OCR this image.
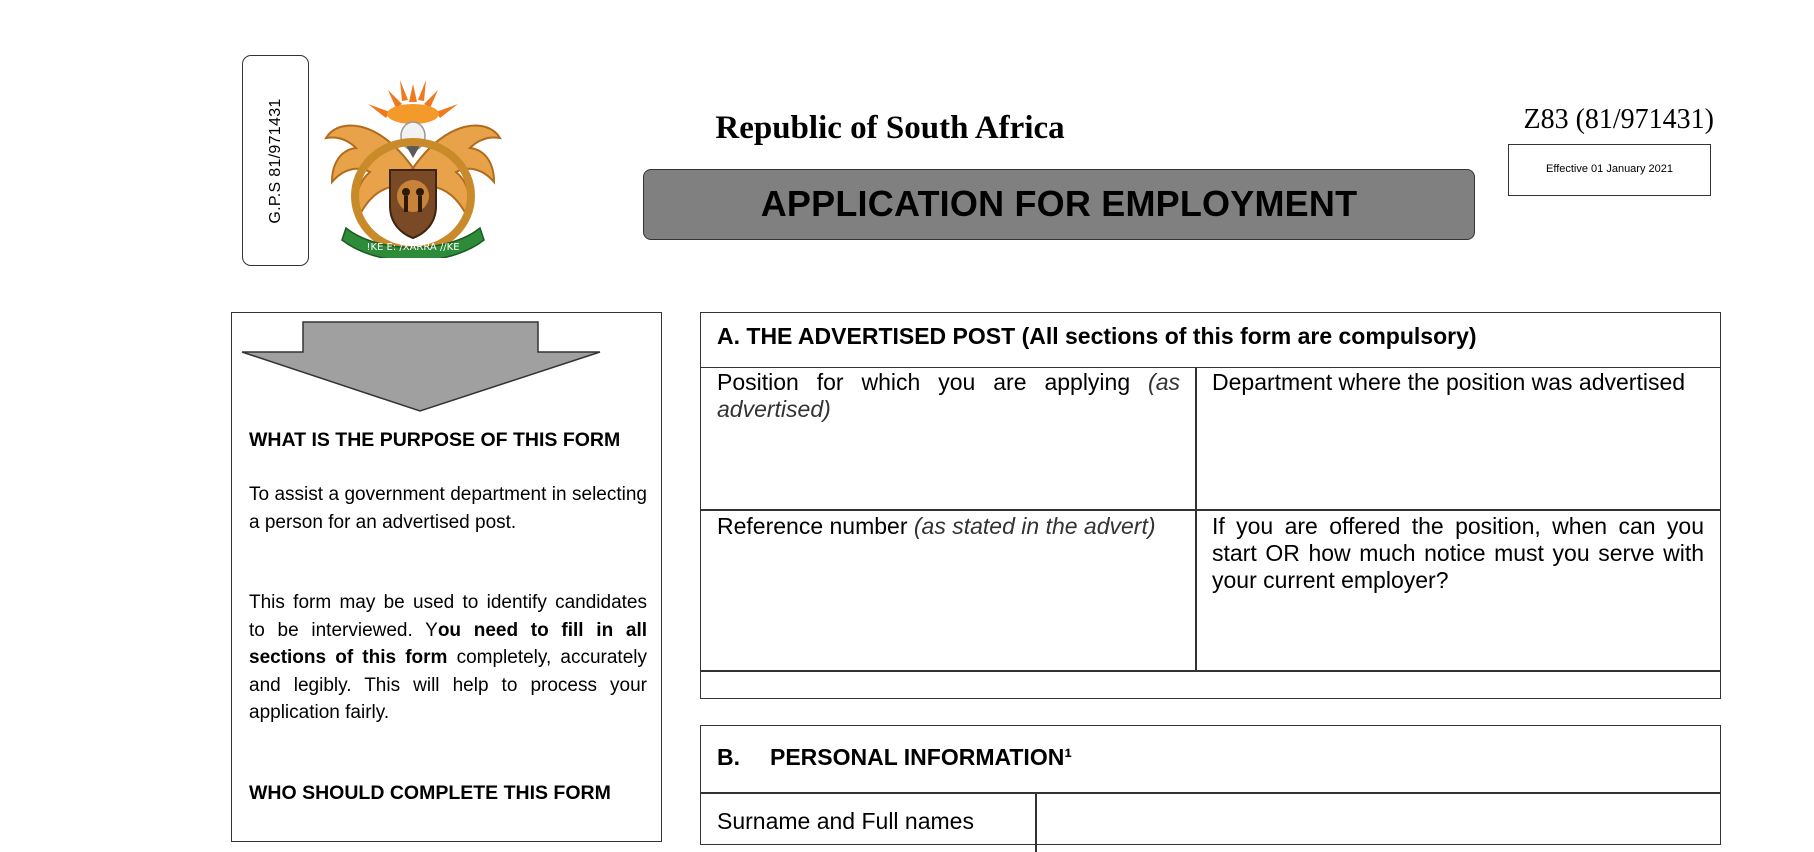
G.P.S 81/971431
!KE E: /XARRA //KE
Republic of South Africa
APPLICATION FOR EMPLOYMENT
Z83 (81/971431)
Effective 01 January 2021
WHAT IS THE PURPOSE OF THIS FORM
To assist a government department in selecting a person for an advertised post.
This form may be used to identify candidates to be interviewed. You need to fill in all sections of this form completely, accurately and legibly. This will help to process your application fairly.
WHO SHOULD COMPLETE THIS FORM
A. THE ADVERTISED POST (All sections of this form are compulsory)
Position for which you are applying (as advertised)
Department where the position was advertised
Reference number (as stated in the advert)	If you are offered the position, when can you start OR how much notice must you serve with your current employer?
B. PERSONAL INFORMATION¹
Surname and Full names
